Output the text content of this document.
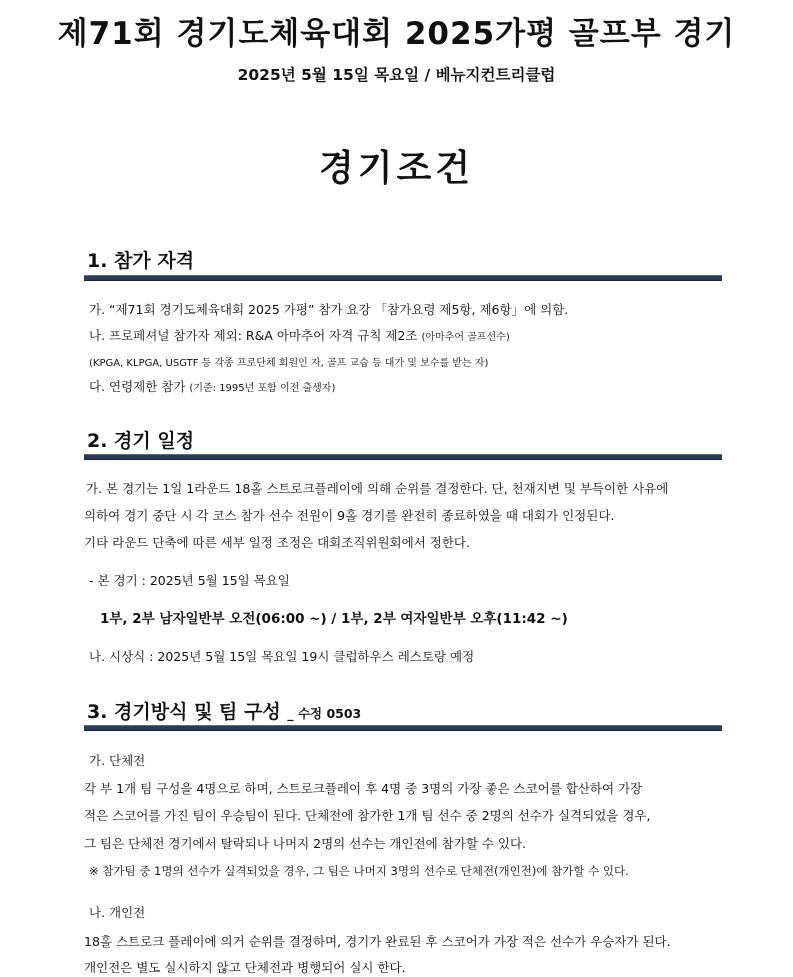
제71회 경기도체육대회 2025가평 골프부 경기
2025년 5월 15일 목요일 / 베뉴지컨트리클럽
경기조건
1. 참가 자격
가. “제71회 경기도체육대회 2025 가평” 참가 요강 「참가요령 제5항, 제6항」에 의함.
나. 프로페셔널 참가자 제외: R&A 아마추어 자격 규칙 제2조 (아마추어 골프선수)
(KPGA, KLPGA, USGTF 등 각종 프로단체 회원인 자, 골프 교습 등 대가 및 보수를 받는 자)
다. 연령제한 참가 (기준: 1995년 포함 이전 출생자)
2. 경기 일정
가. 본 경기는 1일 1라운드 18홀 스트로크플레이에 의해 순위를 결정한다. 단, 천재지변 및 부득이한 사유에
의하여 경기 중단 시 각 코스 참가 선수 전원이 9홀 경기를 완전히 종료하였을 때 대회가 인정된다.
기타 라운드 단축에 따른 세부 일정 조정은 대회조직위원회에서 정한다.
- 본 경기 : 2025년 5월 15일 목요일
1부, 2부 남자일반부 오전(06:00 ~) / 1부, 2부 여자일반부 오후(11:42 ~)
나. 시상식 : 2025년 5월 15일 목요일 19시 클럽하우스 레스토랑 예정
3. 경기방식 및 팀 구성 _ 수정 0503
가. 단체전
각 부 1개 팀 구성을 4명으로 하며, 스트로크플레이 후 4명 중 3명의 가장 좋은 스코어를 합산하여 가장
적은 스코어를 가진 팀이 우승팀이 된다. 단체전에 참가한 1개 팀 선수 중 2명의 선수가 실격되었을 경우,
그 팀은 단체전 경기에서 탈락되나 나머지 2명의 선수는 개인전에 참가할 수 있다.
※ 참가팀 중 1명의 선수가 실격되었을 경우, 그 팀은 나머지 3명의 선수로 단체전(개인전)에 참가할 수 있다.
나. 개인전
18홀 스트로크 플레이에 의거 순위를 결정하며, 경기가 완료된 후 스코어가 가장 적은 선수가 우승자가 된다.
개인전은 별도 실시하지 않고 단체전과 병행되어 실시 한다.
